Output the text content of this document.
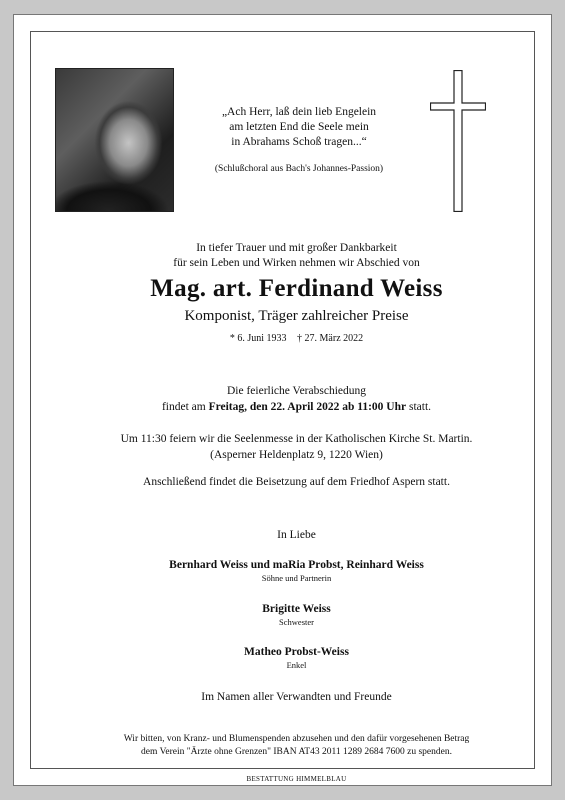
„Ach Herr, laß dein lieb Engelein
am letzten End die Seele mein
in Abrahams Schoß tragen...“
(Schlußchoral aus Bach's Johannes-Passion)
In tiefer Trauer und mit großer Dankbarkeit
für sein Leben und Wirken nehmen wir Abschied von
Mag. art. Ferdinand Weiss
Komponist, Träger zahlreicher Preise
* 6. Juni 1933 † 27. März 2022
Die feierliche Verabschiedung
findet am Freitag, den 22. April 2022 ab 11:00 Uhr statt.
Um 11:30 feiern wir die Seelenmesse in der Katholischen Kirche St. Martin.
(Asperner Heldenplatz 9, 1220 Wien)
Anschließend findet die Beisetzung auf dem Friedhof Aspern statt.
In Liebe
Bernhard Weiss und maRia Probst, Reinhard Weiss
Söhne und Partnerin
Brigitte Weiss
Schwester
Matheo Probst-Weiss
Enkel
Im Namen aller Verwandten und Freunde
Wir bitten, von Kranz- und Blumenspenden abzusehen und den dafür vorgesehenen Betrag
dem Verein "Ärzte ohne Grenzen" IBAN AT43 2011 1289 2684 7600 zu spenden.
BESTATTUNG HIMMELBLAU
